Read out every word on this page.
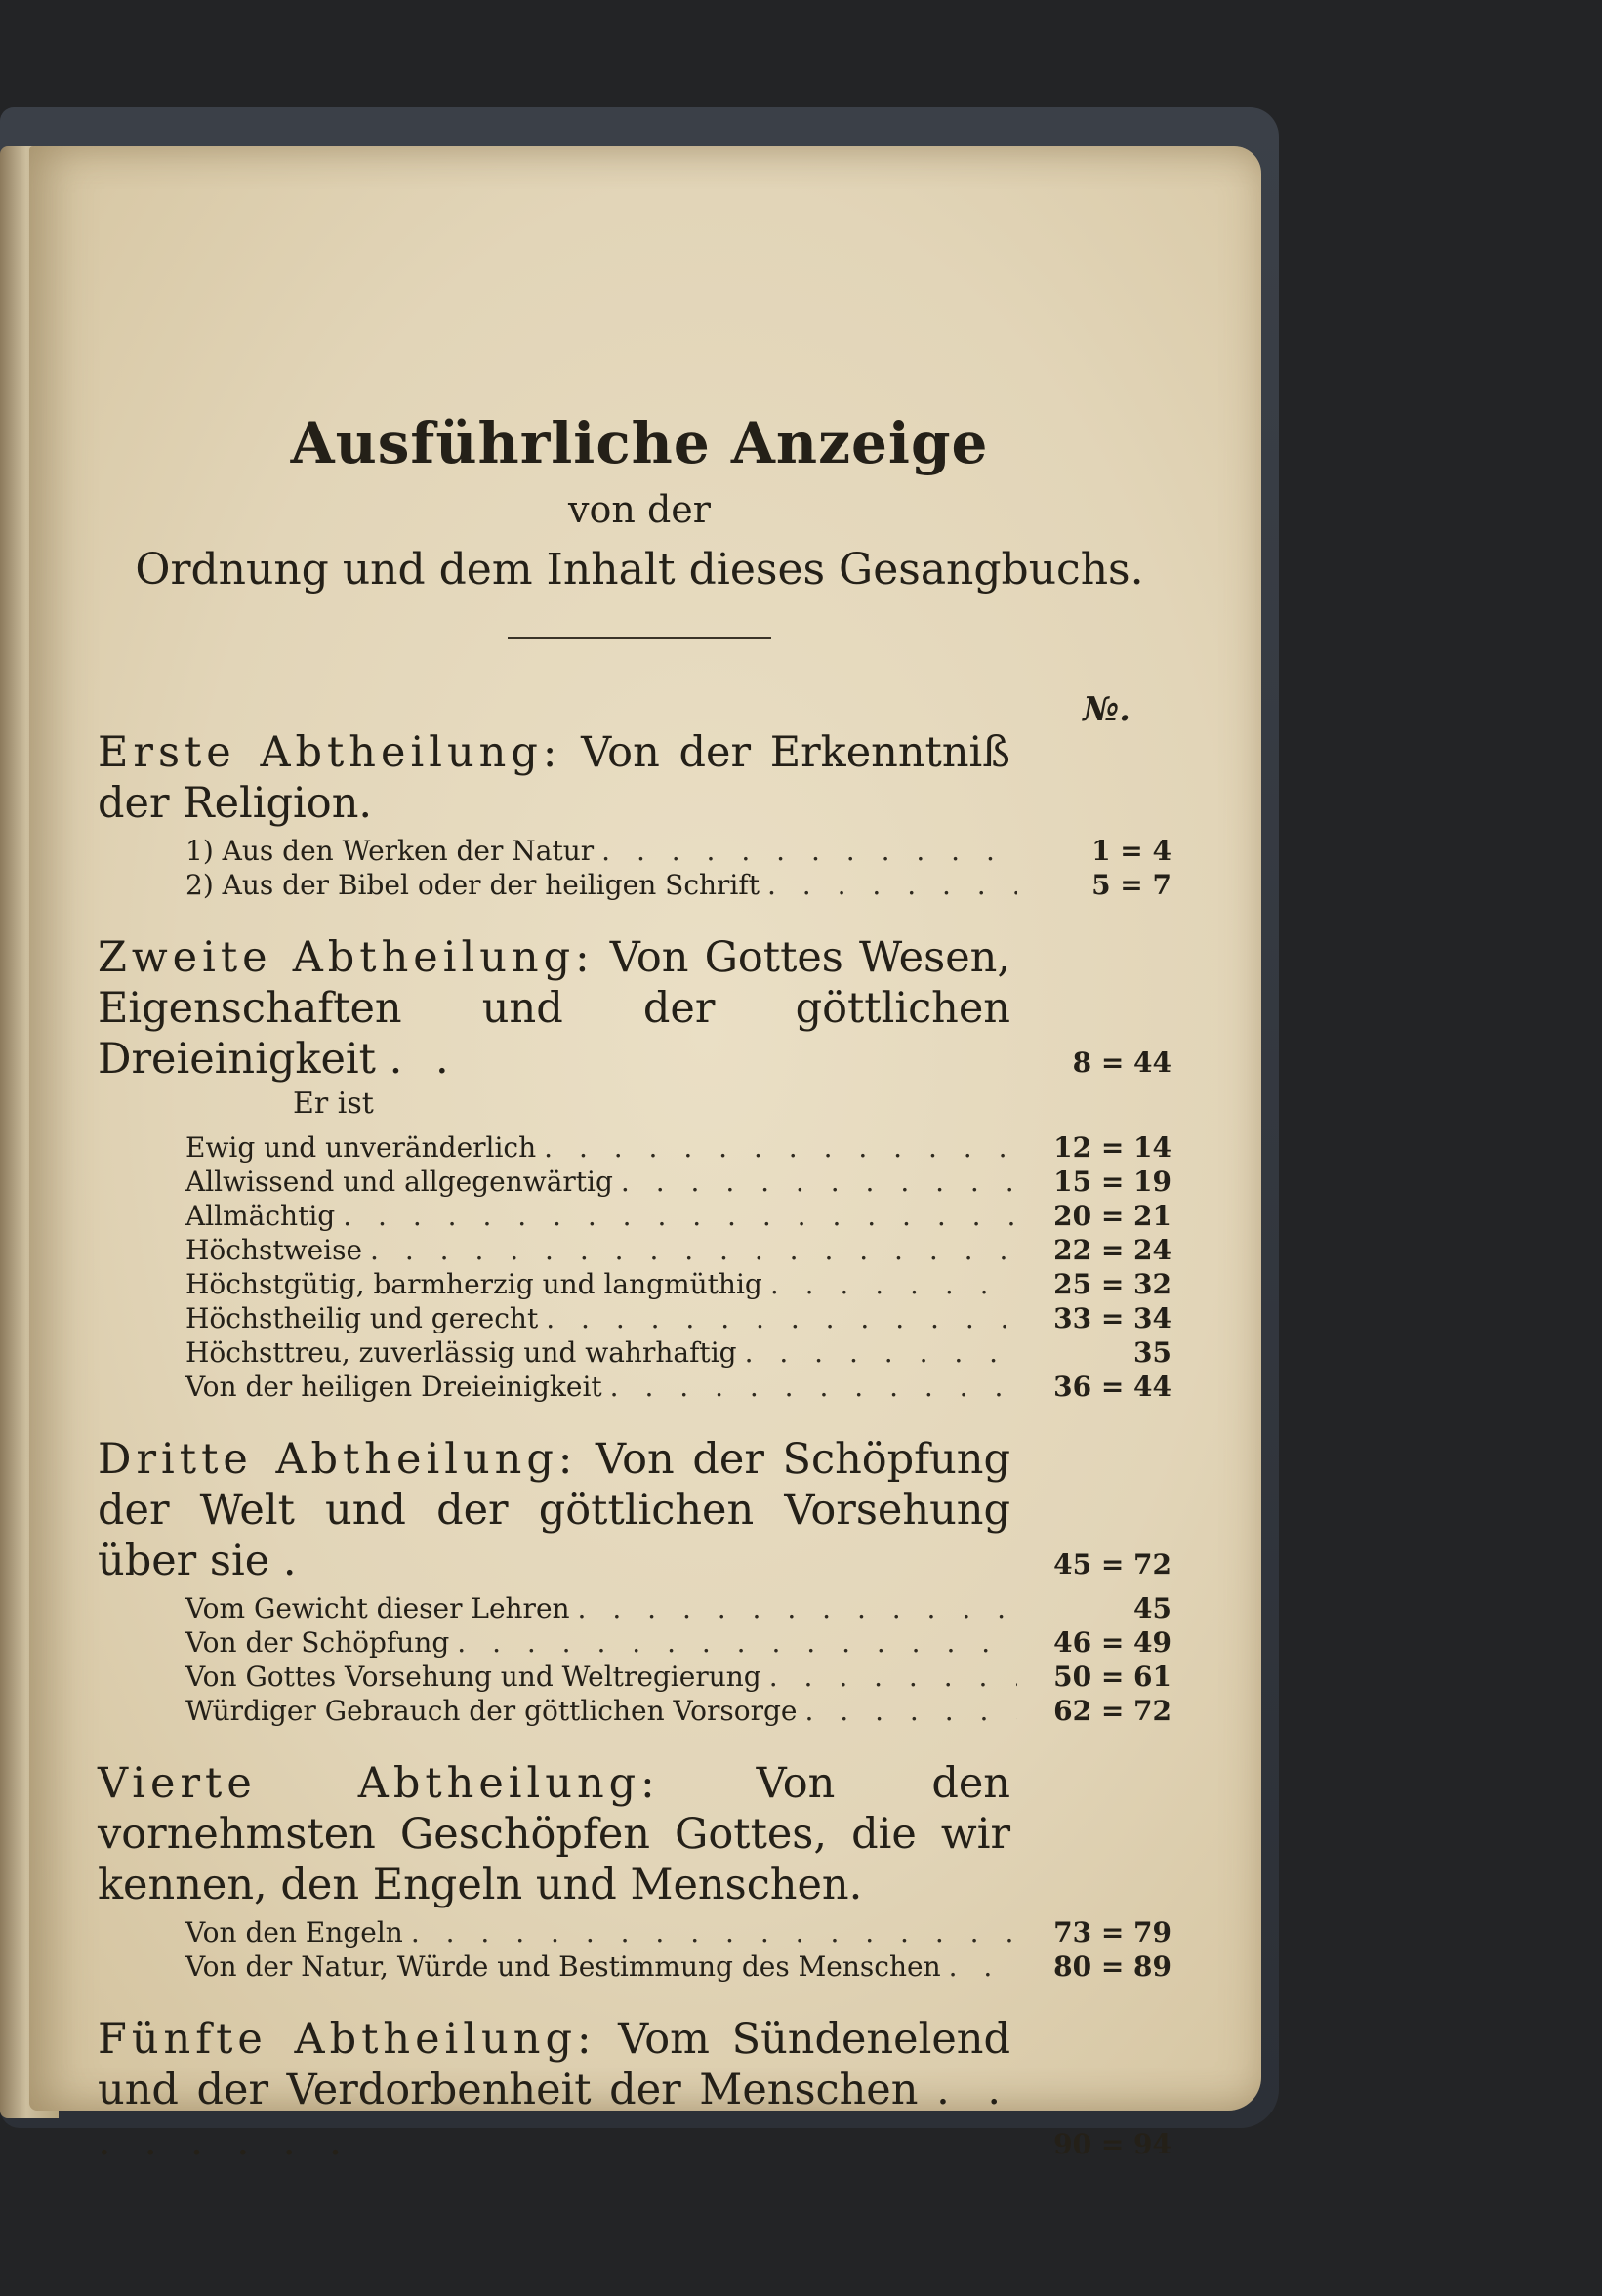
Ausführliche Anzeige
von der
Ordnung und dem Inhalt dieses Gesangbuchs.
№.
Erste Abtheilung: Von der Erkenntniß der Religion.
1) Aus den Werken der Natur . . .	1 = 4
2) Aus der Bibel oder der heiligen Schrift . . .	5 = 7
Zweite Abtheilung: Von Gottes Wesen, Eigenschaften und der göttlichen Dreieinigkeit . .	8 = 44
Er ist
Ewig und unveränderlich . . .	12 = 14
Allwissend und allgegenwärtig . . .	15 = 19
Allmächtig . . .	20 = 21
Höchstweise . . .	22 = 24
Höchstgütig, barmherzig und langmüthig . . .	25 = 32
Höchstheilig und gerecht . . .	33 = 34
Höchsttreu, zuverlässig und wahrhaftig . . .	35
Von der heiligen Dreieinigkeit . . .	36 = 44
Dritte Abtheilung: Von der Schöpfung der Welt und der göttlichen Vorsehung über sie .	45 = 72
Vom Gewicht dieser Lehren . . .	45
Von der Schöpfung . . .	46 = 49
Von Gottes Vorsehung und Weltregierung . . .	50 = 61
Würdiger Gebrauch der göttlichen Vorsorge . . .	62 = 72
Vierte Abtheilung: Von den vornehmsten Geschöpfen Gottes, die wir kennen, den Engeln und Menschen.
Von den Engeln . . .	73 = 79
Von der Natur, Würde und Bestimmung des Menschen . . .	80 = 89
Fünfte Abtheilung: Vom Sündenelend und der Verdorbenheit der Menschen . . . . . . . .	90 = 94
